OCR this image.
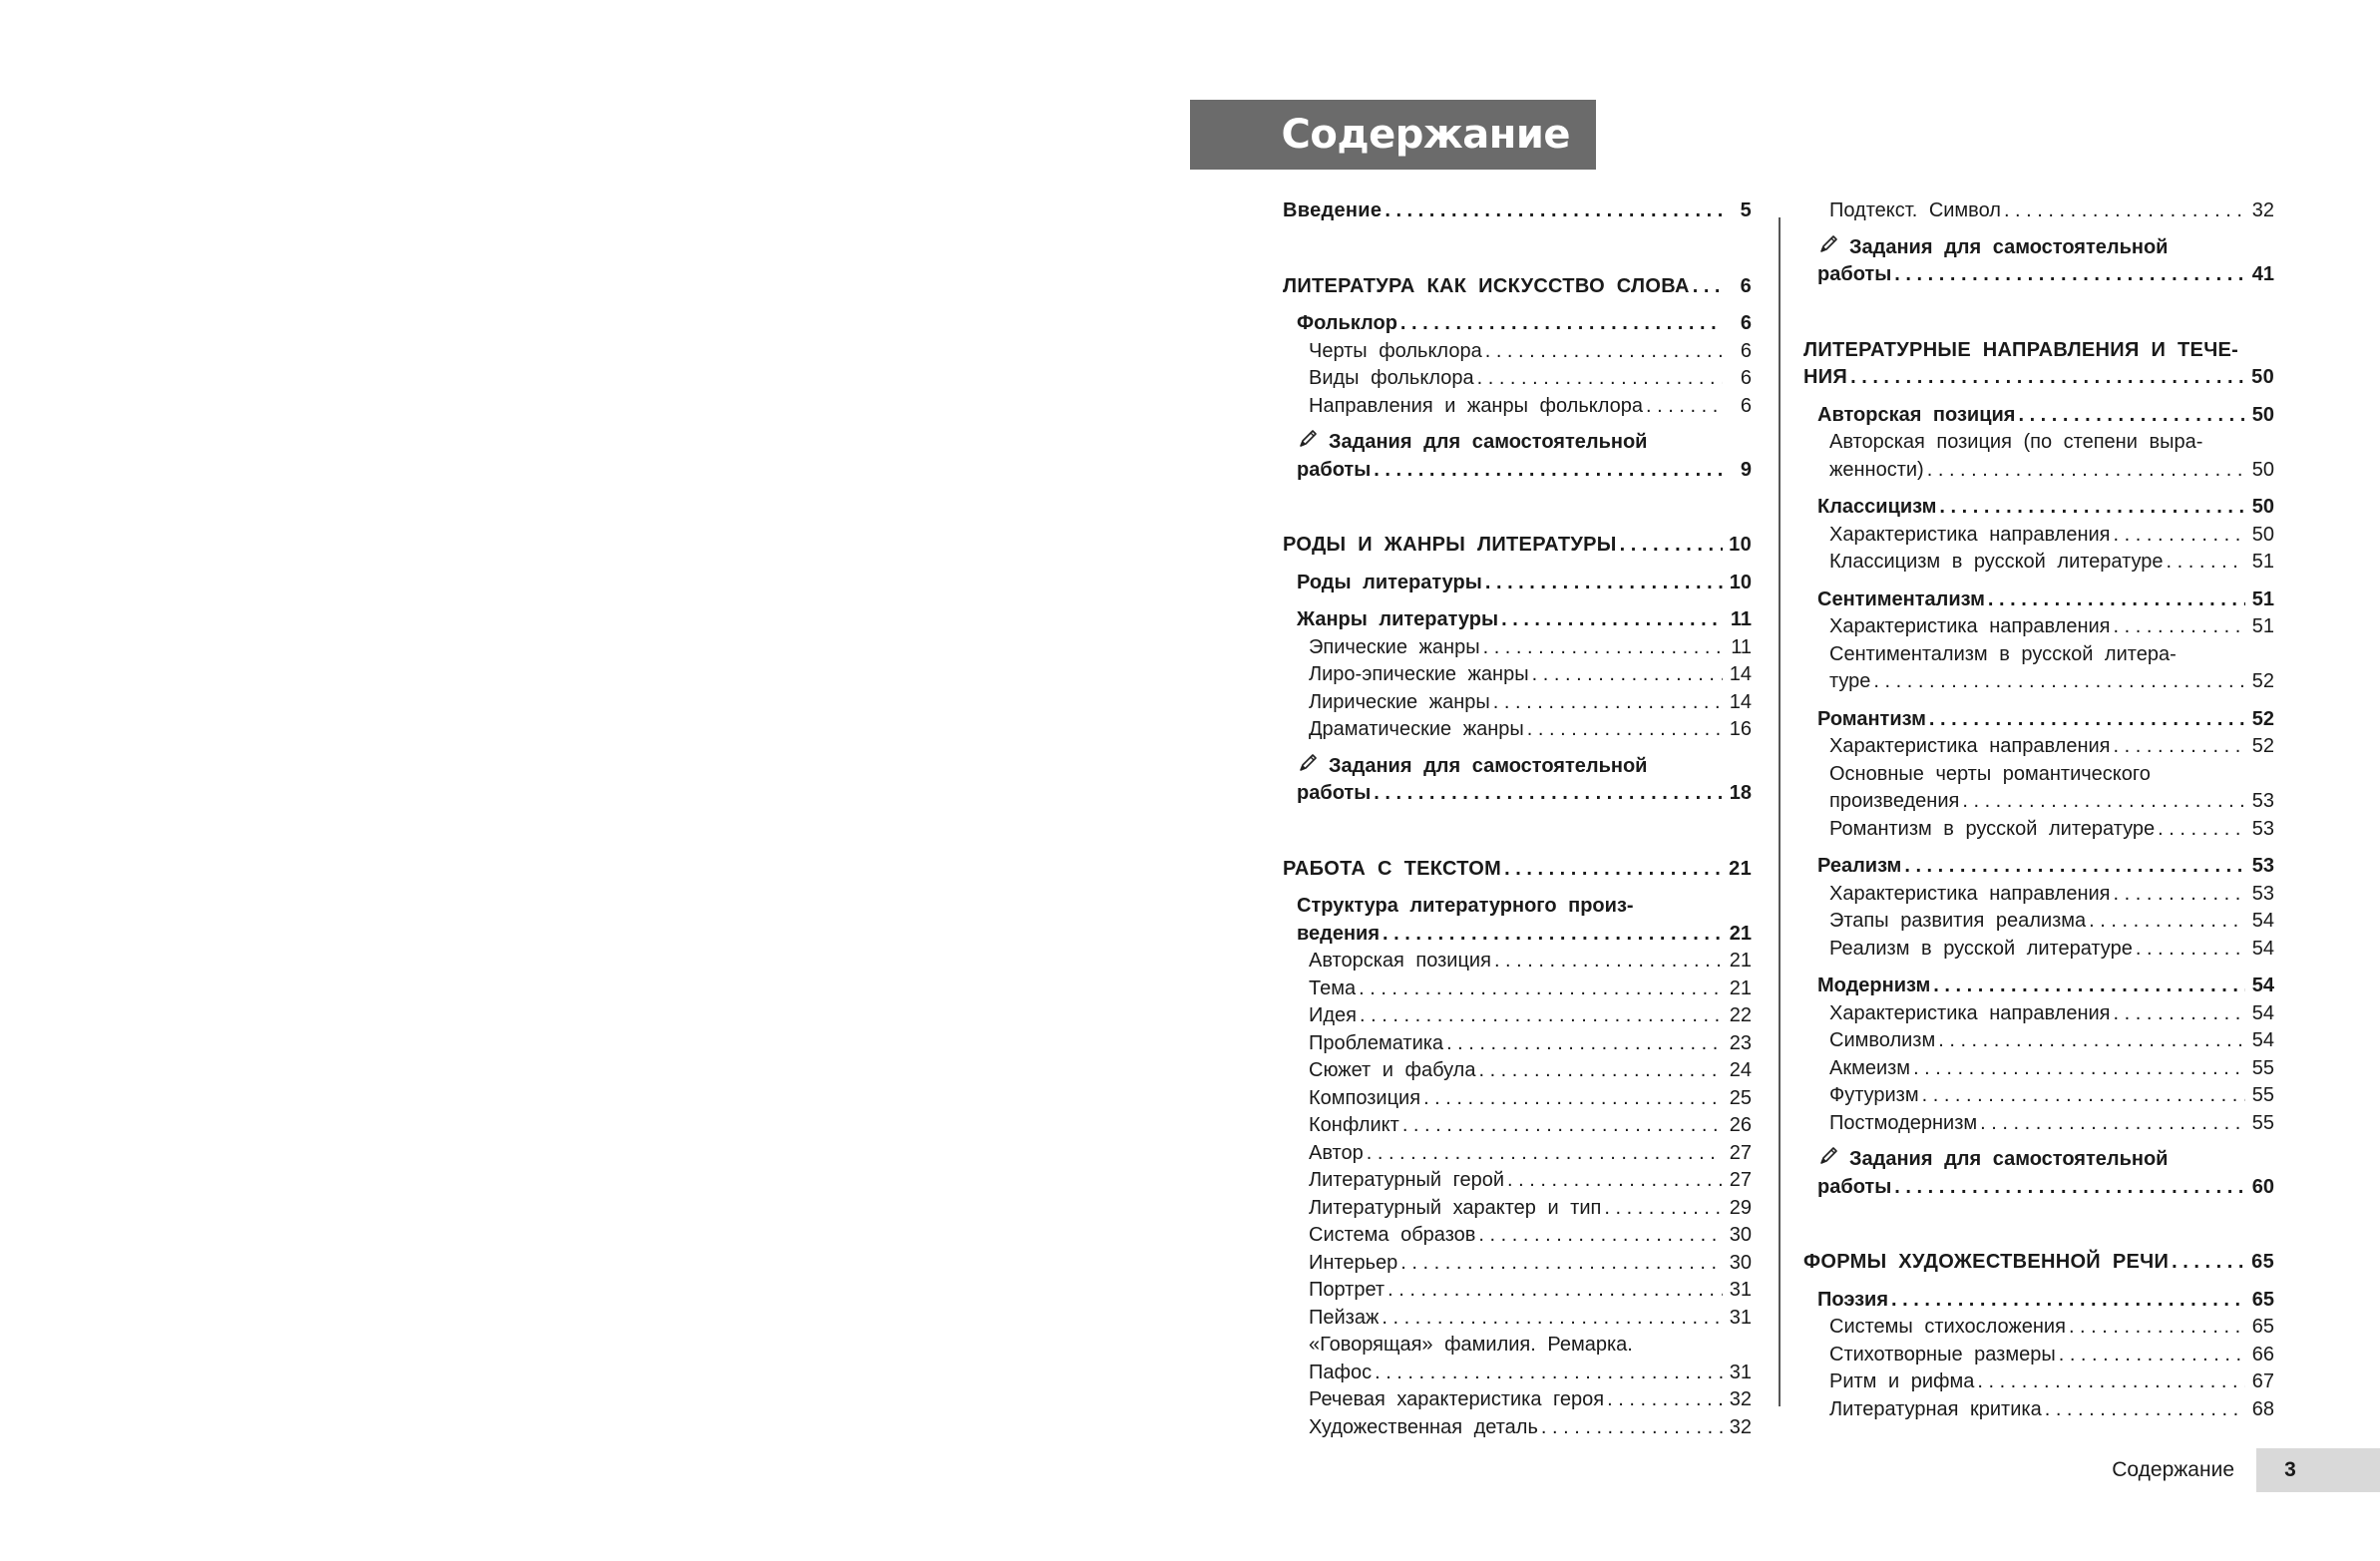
Содержание
Введение . . .	5
ЛИТЕРАТУРА КАК ИСКУССТВО СЛОВА . . .	6
Фольклор . . .	6
Черты фольклора . . .	6
Виды фольклора . . .	6
Направления и жанры фольклора . . .	6
Задания для самостоятельной
работы . . .	9
РОДЫ И ЖАНРЫ ЛИТЕРАТУРЫ . . .	10
Роды литературы . . .	10
Жанры литературы . . .	11
Эпические жанры . . .	11
Лиро-эпические жанры . . .	14
Лирические жанры . . .	14
Драматические жанры . . .	16
Задания для самостоятельной
работы . . .	18
РАБОТА С ТЕКСТОМ . . .	21
Структура литературного произ-
ведения . . .	21
Авторская позиция . . .	21
Тема . . .	21
Идея . . .	22
Проблематика . . .	23
Сюжет и фабула . . .	24
Композиция . . .	25
Конфликт . . .	26
Автор . . .	27
Литературный герой . . .	27
Литературный характер и тип . . .	29
Система образов . . .	30
Интерьер . . .	30
Портрет . . .	31
Пейзаж . . .	31
«Говорящая» фамилия. Ремарка.
Пафос . . .	31
Речевая характеристика героя . . .	32
Художественная деталь . . .	32
Подтекст. Символ . . .	32
Задания для самостоятельной
работы . . .	41
ЛИТЕРАТУРНЫЕ НАПРАВЛЕНИЯ И ТЕЧЕ-
НИЯ . . .	50
Авторская позиция . . .	50
Авторская позиция (по степени выра-
женности) . . .	50
Классицизм . . .	50
Характеристика направления . . .	50
Классицизм в русской литературе . . .	51
Сентиментализм . . .	51
Характеристика направления . . .	51
Сентиментализм в русской литера-
туре . . .	52
Романтизм . . .	52
Характеристика направления . . .	52
Основные черты романтического
произведения . . .	53
Романтизм в русской литературе . . .	53
Реализм . . .	53
Характеристика направления . . .	53
Этапы развития реализма . . .	54
Реализм в русской литературе . . .	54
Модернизм . . .	54
Характеристика направления . . .	54
Символизм . . .	54
Акмеизм . . .	55
Футуризм . . .	55
Постмодернизм . . .	55
Задания для самостоятельной
работы . . .	60
ФОРМЫ ХУДОЖЕСТВЕННОЙ РЕЧИ . . .	65
Поэзия . . .	65
Системы стихосложения . . .	65
Стихотворные размеры . . .	66
Ритм и рифма . . .	67
Литературная критика . . .	68
Содержание 3
